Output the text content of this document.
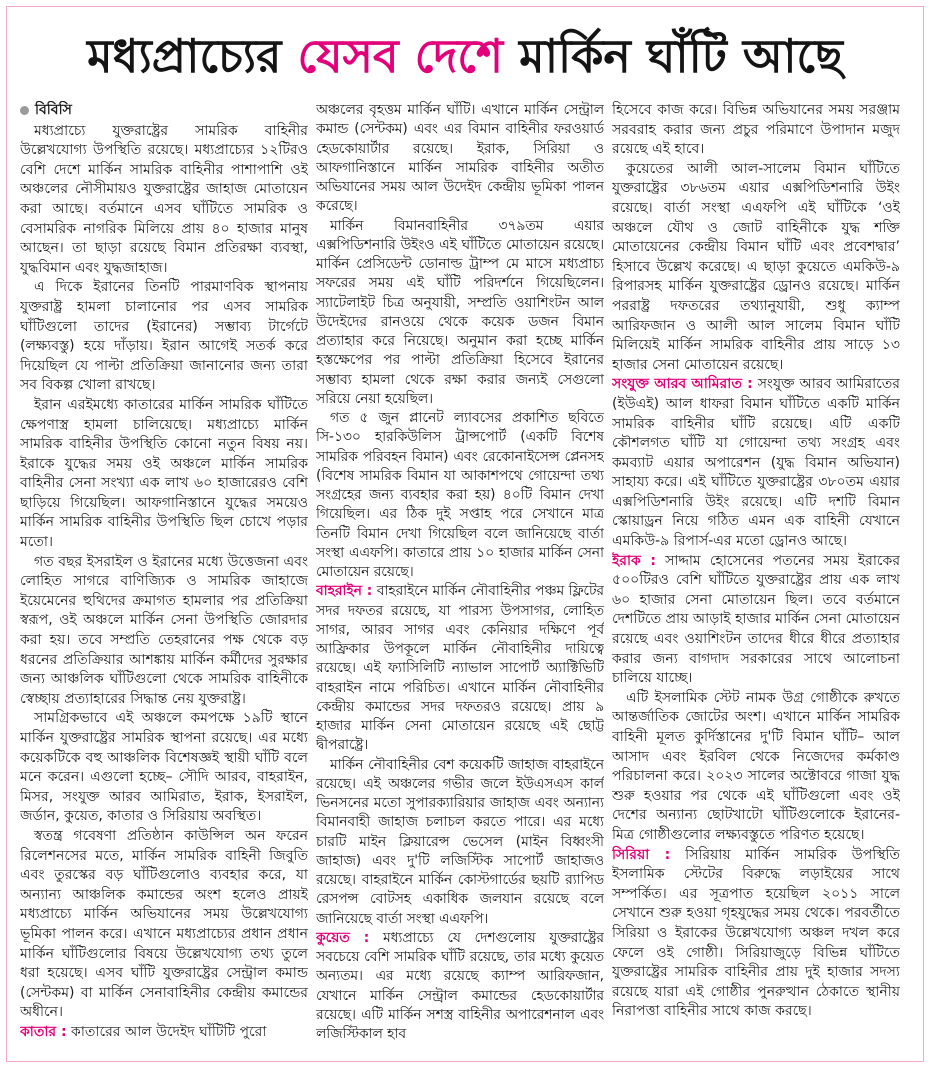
মধ্যপ্রাচ্যের যেসব দেশে মার্কিন ঘাঁটি আছে
বিবিসি

মধ্যপ্রাচ্যে যুক্তরাষ্ট্রের সামরিক বাহিনীর উল্লেখযোগ্য উপস্থিতি রয়েছে। মধ্যপ্রাচ্যের ১২টিরও বেশি দেশে মার্কিন সামরিক বাহিনীর পাশাপাশি ওই অঞ্চলের নৌসীমায়ও যুক্তরাষ্ট্রের জাহাজ মোতায়েন করা আছে। বর্তমানে এসব ঘাঁটিতে সামরিক ও বেসামরিক নাগরিক মিলিয়ে প্রায় ৪০ হাজার মানুষ আছেন। তা ছাড়া রয়েছে বিমান প্রতিরক্ষা ব্যবস্থা, যুদ্ধবিমান এবং যুদ্ধজাহাজ।

এ দিকে ইরানের তিনটি পারমাণবিক স্থাপনায় যুক্তরাষ্ট্র হামলা চালানোর পর এসব সামরিক ঘাঁটিগুলো তাদের (ইরানের) সম্ভাব্য টার্গেটে (লক্ষ্যবস্তু) হয়ে দাঁড়ায়। ইরান আগেই সতর্ক করে দিয়েছিল যে পাল্টা প্রতিক্রিয়া জানানোর জন্য তারা সব বিকল্প খোলা রাখছে।

ইরান এরইমধ্যে কাতারের মার্কিন সামরিক ঘাঁটিতে ক্ষেপণাস্ত্র হামলা চালিয়েছে। মধ্যপ্রাচ্যে মার্কিন সামরিক বাহিনীর উপস্থিতি কোনো নতুন বিষয় নয়। ইরাকে যুদ্ধের সময় ওই অঞ্চলে মার্কিন সামরিক বাহিনীর সেনা সংখ্যা এক লাখ ৬০ হাজারেরও বেশি ছাড়িয়ে গিয়েছিল। আফগানিস্তানে যুদ্ধের সময়েও মার্কিন সামরিক বাহিনীর উপস্থিতি ছিল চোখে পড়ার মতো।

গত বছর ইসরাইল ও ইরানের মধ্যে উত্তেজনা এবং লোহিত সাগরে বাণিজ্যিক ও সামরিক জাহাজে ইয়েমেনের হুথিদের ক্রমাগত হামলার পর প্রতিক্রিয়া স্বরূপ, ওই অঞ্চলে মার্কিন সেনা উপস্থিতি জোরদার করা হয়। তবে সম্প্রতি তেহরানের পক্ষ থেকে বড় ধরনের প্রতিক্রিয়ার আশঙ্কায় মার্কিন কর্মীদের সুরক্ষার জন্য আঞ্চলিক ঘাঁটিগুলো থেকে সামরিক বাহিনীকে স্বেচ্ছায় প্রত্যাহারের সিদ্ধান্ত নেয় যুক্তরাষ্ট্র।

সামগ্রিকভাবে এই অঞ্চলে কমপক্ষে ১৯টি স্থানে মার্কিন যুক্তরাষ্ট্রের সামরিক স্থাপনা রয়েছে। এর মধ্যে কয়েকটিকে বহু আঞ্চলিক বিশেষজ্ঞই স্থায়ী ঘাঁটি বলে মনে করেন। এগুলো হচ্ছে– সৌদি আরব, বাহরাইন, মিসর, সংযুক্ত আরব আমিরাত, ইরাক, ইসরাইল, জর্ডান, কুয়েত, কাতার ও সিরিয়ায় অবস্থিত।

স্বতন্ত্র গবেষণা প্রতিষ্ঠান কাউন্সিল অন ফরেন রিলেশনসের মতে, মার্কিন সামরিক বাহিনী জিবুতি এবং তুরস্কের বড় ঘাঁটিগুলোও ব্যবহার করে, যা অন্যান্য আঞ্চলিক কমান্ডের অংশ হলেও প্রায়ই মধ্যপ্রাচ্যে মার্কিন অভিযানের সময় উল্লেখযোগ্য ভূমিকা পালন করে। এখানে মধ্যপ্রাচ্যের প্রধান প্রধান মার্কিন ঘাঁটিগুলোর বিষয়ে উল্লেখযোগ্য তথ্য তুলে ধরা হয়েছে। এসব ঘাঁটি যুক্তরাষ্ট্রের সেন্ট্রাল কমান্ড (সেন্টকম) বা মার্কিন সেনাবাহিনীর কেন্দ্রীয় কমান্ডের অধীনে।

কাতার : কাতারের আল উদেইদ ঘাঁটিটি পুরো

অঞ্চলের বৃহত্তম মার্কিন ঘাঁটি। এখানে মার্কিন সেন্ট্রাল কমান্ড (সেন্টকম) এবং এর বিমান বাহিনীর ফরওয়ার্ড হেডকোয়ার্টার রয়েছে। ইরাক, সিরিয়া ও আফগানিস্তানে মার্কিন সামরিক বাহিনীর অতীত অভিযানের সময় আল উদেইদ কেন্দ্রীয় ভূমিকা পালন করেছে।

মার্কিন বিমানবাহিনীর ৩৭৯তম এয়ার এক্সপিডিশনারি উইংও এই ঘাঁটিতে মোতায়েন রয়েছে। মার্কিন প্রেসিডেন্ট ডোনাল্ড ট্রাম্প মে মাসে মধ্যপ্রাচ্য সফরের সময় এই ঘাঁটি পরিদর্শনে গিয়েছিলেন। স্যাটেলাইট চিত্র অনুযায়ী, সম্প্রতি ওয়াশিংটন আল উদেইদের রানওয়ে থেকে কয়েক ডজন বিমান প্রত্যাহার করে নিয়েছে। অনুমান করা হচ্ছে মার্কিন হস্তক্ষেপের পর পাল্টা প্রতিক্রিয়া হিসেবে ইরানের সম্ভাব্য হামলা থেকে রক্ষা করার জন্যই সেগুলো সরিয়ে নেয়া হয়েছিল।

গত ৫ জুন প্লানেট ল্যাবসের প্রকাশিত ছবিতে সি-১৩০ হারকিউলিস ট্রান্সপোর্ট (একটি বিশেষ সামরিক পরিবহন বিমান) এবং রেকোনাইসেন্স প্লেনসহ (বিশেষ সামরিক বিমান যা আকাশপথে গোয়েন্দা তথ্য সংগ্রহের জন্য ব্যবহার করা হয়) ৪০টি বিমান দেখা গিয়েছিল। এর ঠিক দুই সপ্তাহ পরে সেখানে মাত্র তিনটি বিমান দেখা গিয়েছিল বলে জানিয়েছে বার্তা সংস্থা এএফপি। কাতারে প্রায় ১০ হাজার মার্কিন সেনা মোতায়েন রয়েছে।

বাহরাইন : বাহরাইনে মার্কিন নৌবাহিনীর পঞ্চম ফ্লিটের সদর দফতর রয়েছে, যা পারস্য উপসাগর, লোহিত সাগর, আরব সাগর এবং কেনিয়ার দক্ষিণে পূর্ব আফ্রিকার উপকূলে মার্কিন নৌবাহিনীর দায়িত্বে রয়েছে। এই ফ্যাসিলিটি ন্যাভাল সাপোর্ট অ্যাক্টিভিটি বাহরাইন নামে পরিচিত। এখানে মার্কিন নৌবাহিনীর কেন্দ্রীয় কমান্ডের সদর দফতরও রয়েছে। প্রায় ৯ হাজার মার্কিন সেনা মোতায়েন রয়েছে এই ছোট্ট দ্বীপরাষ্ট্রে।

মার্কিন নৌবাহিনীর বেশ কয়েকটি জাহাজ বাহরাইনে রয়েছে। এই অঞ্চলের গভীর জলে ইউএসএস কার্ল ভিনসনের মতো সুপারক্যারিয়ার জাহাজ এবং অন্যান্য বিমানবাহী জাহাজ চলাচল করতে পারে। এর মধ্যে চারটি মাইন ক্লিয়ারেন্স ভেসেল (মাইন বিধ্বংসী জাহাজ) এবং দু'টি লজিস্টিক সাপোর্ট জাহাজও রয়েছে। বাহরাইনে মার্কিন কোস্টগার্ডের ছয়টি র‍্যাপিড রেসপন্স বোটসহ একাধিক জলযান রয়েছে বলে জানিয়েছে বার্তা সংস্থা এএফপি।

কুয়েত : মধ্যপ্রাচ্যে যে দেশগুলোয় যুক্তরাষ্ট্রের সবচেয়ে বেশি সামরিক ঘাঁটি রয়েছে, তার মধ্যে কুয়েত অন্যতম। এর মধ্যে রয়েছে ক্যাম্প আরিফজান, যেখানে মার্কিন সেন্ট্রাল কমান্ডের হেডকোয়ার্টার রয়েছে। এটি মার্কিন সশস্ত্র বাহিনীর অপারেশনাল এবং লজিস্টিকাল হাব

হিসেবে কাজ করে। বিভিন্ন অভিযানের সময় সরঞ্জাম সরবরাহ করার জন্য প্রচুর পরিমাণে উপাদান মজুদ রয়েছে এই হাবে।

কুয়েতের আলী আল-সালেম বিমান ঘাঁটিতে যুক্তরাষ্ট্রের ৩৮৬তম এয়ার এক্সপিডিশনারি উইং রয়েছে। বার্তা সংস্থা এএফপি এই ঘাঁটিকে ‘ওই অঞ্চলে যৌথ ও জোট বাহিনীকে যুদ্ধ শক্তি মোতায়েনের কেন্দ্রীয় বিমান ঘাঁটি এবং প্রবেশদ্বার’ হিসাবে উল্লেখ করেছে। এ ছাড়া কুয়েতে এমকিউ-৯ রিপারসহ মার্কিন যুক্তরাষ্ট্রের ড্রোনও রয়েছে। মার্কিন পররাষ্ট্র দফতরের তথ্যানুযায়ী, শুধু ক্যাম্প আরিফজান ও আলী আল সালেম বিমান ঘাঁটি মিলিয়েই মার্কিন সামরিক বাহিনীর প্রায় সাড়ে ১৩ হাজার সেনা মোতায়েন রয়েছে।

সংযুক্ত আরব আমিরাত : সংযুক্ত আরব আমিরাতের (ইউএই) আল ধাফরা বিমান ঘাঁটিতে একটি মার্কিন সামরিক বাহিনীর ঘাঁটি রয়েছে। এটি একটি কৌশলগত ঘাঁটি যা গোয়েন্দা তথ্য সংগ্রহ এবং কমব্যাট এয়ার অপারেশন (যুদ্ধ বিমান অভিযান) সাহায্য করে। এই ঘাঁটিতে যুক্তরাষ্ট্রের ৩৮০তম এয়ার এক্সপিডিশনারি উইং রয়েছে। এটি দশটি বিমান স্কোয়াড্রন নিয়ে গঠিত এমন এক বাহিনী যেখানে এমকিউ-৯ রিপার্স-এর মতো ড্রোনও আছে।

ইরাক : সাদ্দাম হোসেনের পতনের সময় ইরাকের ৫০০টিরও বেশি ঘাঁটিতে যুক্তরাষ্ট্রের প্রায় এক লাখ ৬০ হাজার সেনা মোতায়েন ছিল। তবে বর্তমানে দেশটিতে প্রায় আড়াই হাজার মার্কিন সেনা মোতায়েন রয়েছে এবং ওয়াশিংটন তাদের ধীরে ধীরে প্রত্যাহার করার জন্য বাগদাদ সরকারের সাথে আলোচনা চালিয়ে যাচ্ছে।

এটি ইসলামিক স্টেট নামক উগ্র গোষ্ঠীকে রুখতে আন্তর্জাতিক জোটের অংশ। এখানে মার্কিন সামরিক বাহিনী মূলত কুর্দিস্তানের দু'টি বিমান ঘাঁটি– আল আসাদ এবং ইরবিল থেকে নিজেদের কর্মকাণ্ড পরিচালনা করে। ২০২৩ সালের অক্টোবরে গাজা যুদ্ধ শুরু হওয়ার পর থেকে এই ঘাঁটিগুলো এবং ওই দেশের অন্যান্য ছোটখাটো ঘাঁটিগুলোকে ইরানের-মিত্র গোষ্ঠীগুলোর লক্ষ্যবস্তুতে পরিণত হয়েছে।

সিরিয়া : সিরিয়ায় মার্কিন সামরিক উপস্থিতি ইসলামিক স্টেটের বিরুদ্ধে লড়াইয়ের সাথে সম্পর্কিত। এর সূত্রপাত হয়েছিল ২০১১ সালে সেখানে শুরু হওয়া গৃহযুদ্ধের সময় থেকে। পরবর্তীতে সিরিয়া ও ইরাকের উল্লেখযোগ্য অঞ্চল দখল করে ফেলে ওই গোষ্ঠী। সিরিয়াজুড়ে বিভিন্ন ঘাঁটিতে যুক্তরাষ্ট্রের সামরিক বাহিনীর প্রায় দুই হাজার সদস্য রয়েছে যারা এই গোষ্ঠীর পুনরুত্থান ঠেকাতে স্থানীয় নিরাপত্তা বাহিনীর সাথে কাজ করছে।
